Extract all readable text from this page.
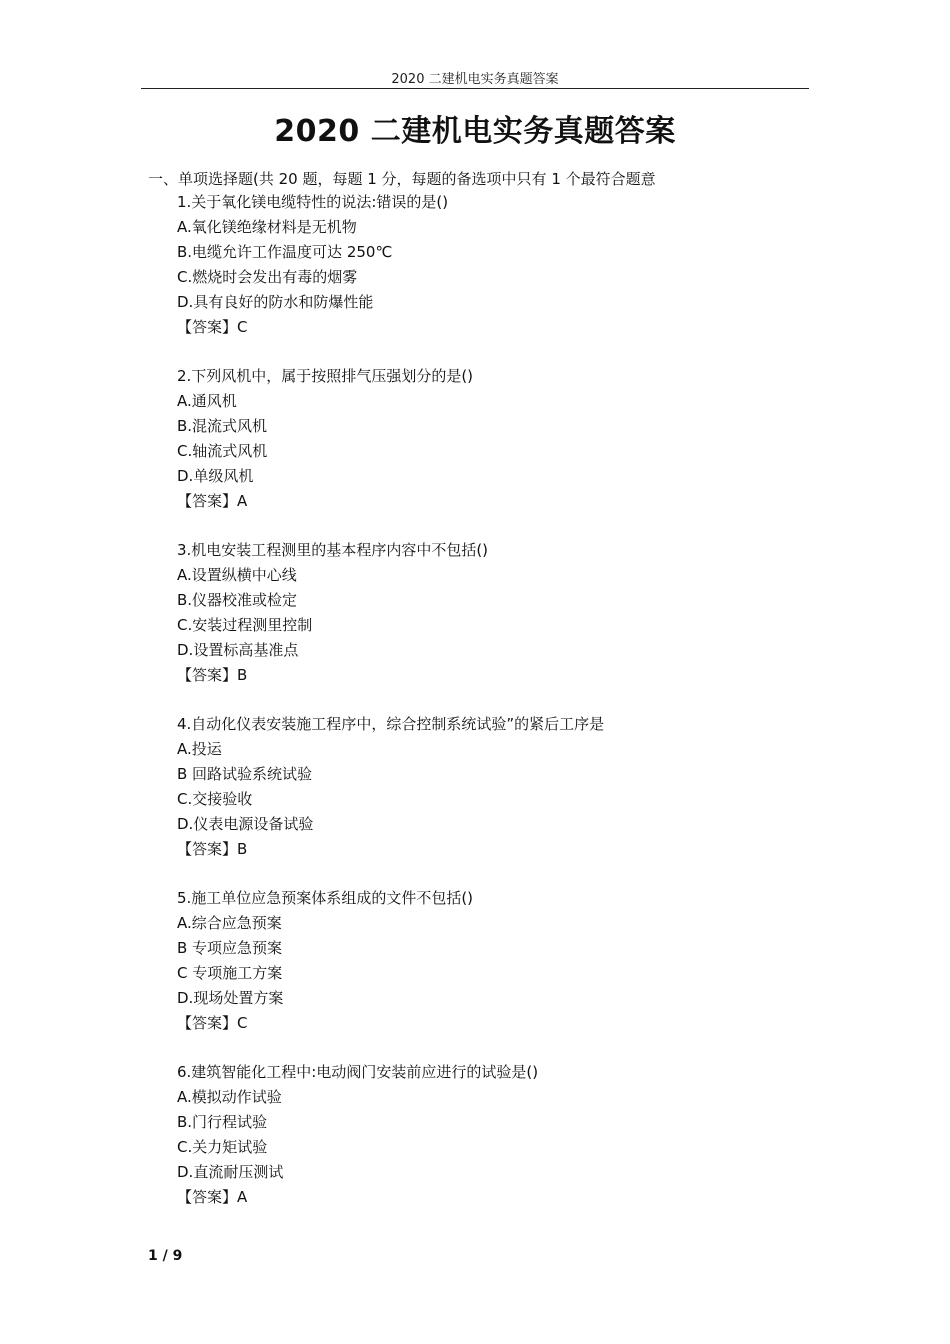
2020 二建机电实务真题答案
2020 二建机电实务真题答案
一、单项选择题(共 20 题，每题 1 分，每题的备选项中只有 1 个最符合题意
1.关于氧化镁电缆特性的说法:错误的是()
A.氧化镁绝缘材料是无机物
B.电缆允许工作温度可达 250℃
C.燃烧时会发出有毒的烟雾
D.具有良好的防水和防爆性能
【答案】C
2.下列风机中，属于按照排气压强划分的是()
A.通风机
B.混流式风机
C.轴流式风机
D.单级风机
【答案】A
3.机电安装工程测里的基本程序内容中不包括()
A.设置纵横中心线
B.仪器校准或检定
C.安装过程测里控制
D.设置标高基准点
【答案】B
4.自动化仪表安装施工程序中，综合控制系统试验”的紧后工序是
A.投运
B 回路试验系统试验
C.交接验收
D.仪表电源设备试验
【答案】B
5.施工单位应急预案体系组成的文件不包括()
A.综合应急预案
B 专项应急预案
C 专项施工方案
D.现场处置方案
【答案】C
6.建筑智能化工程中:电动阀门安装前应进行的试验是()
A.模拟动作试验
B.门行程试验
C.关力矩试验
D.直流耐压测试
【答案】A
1 / 9
